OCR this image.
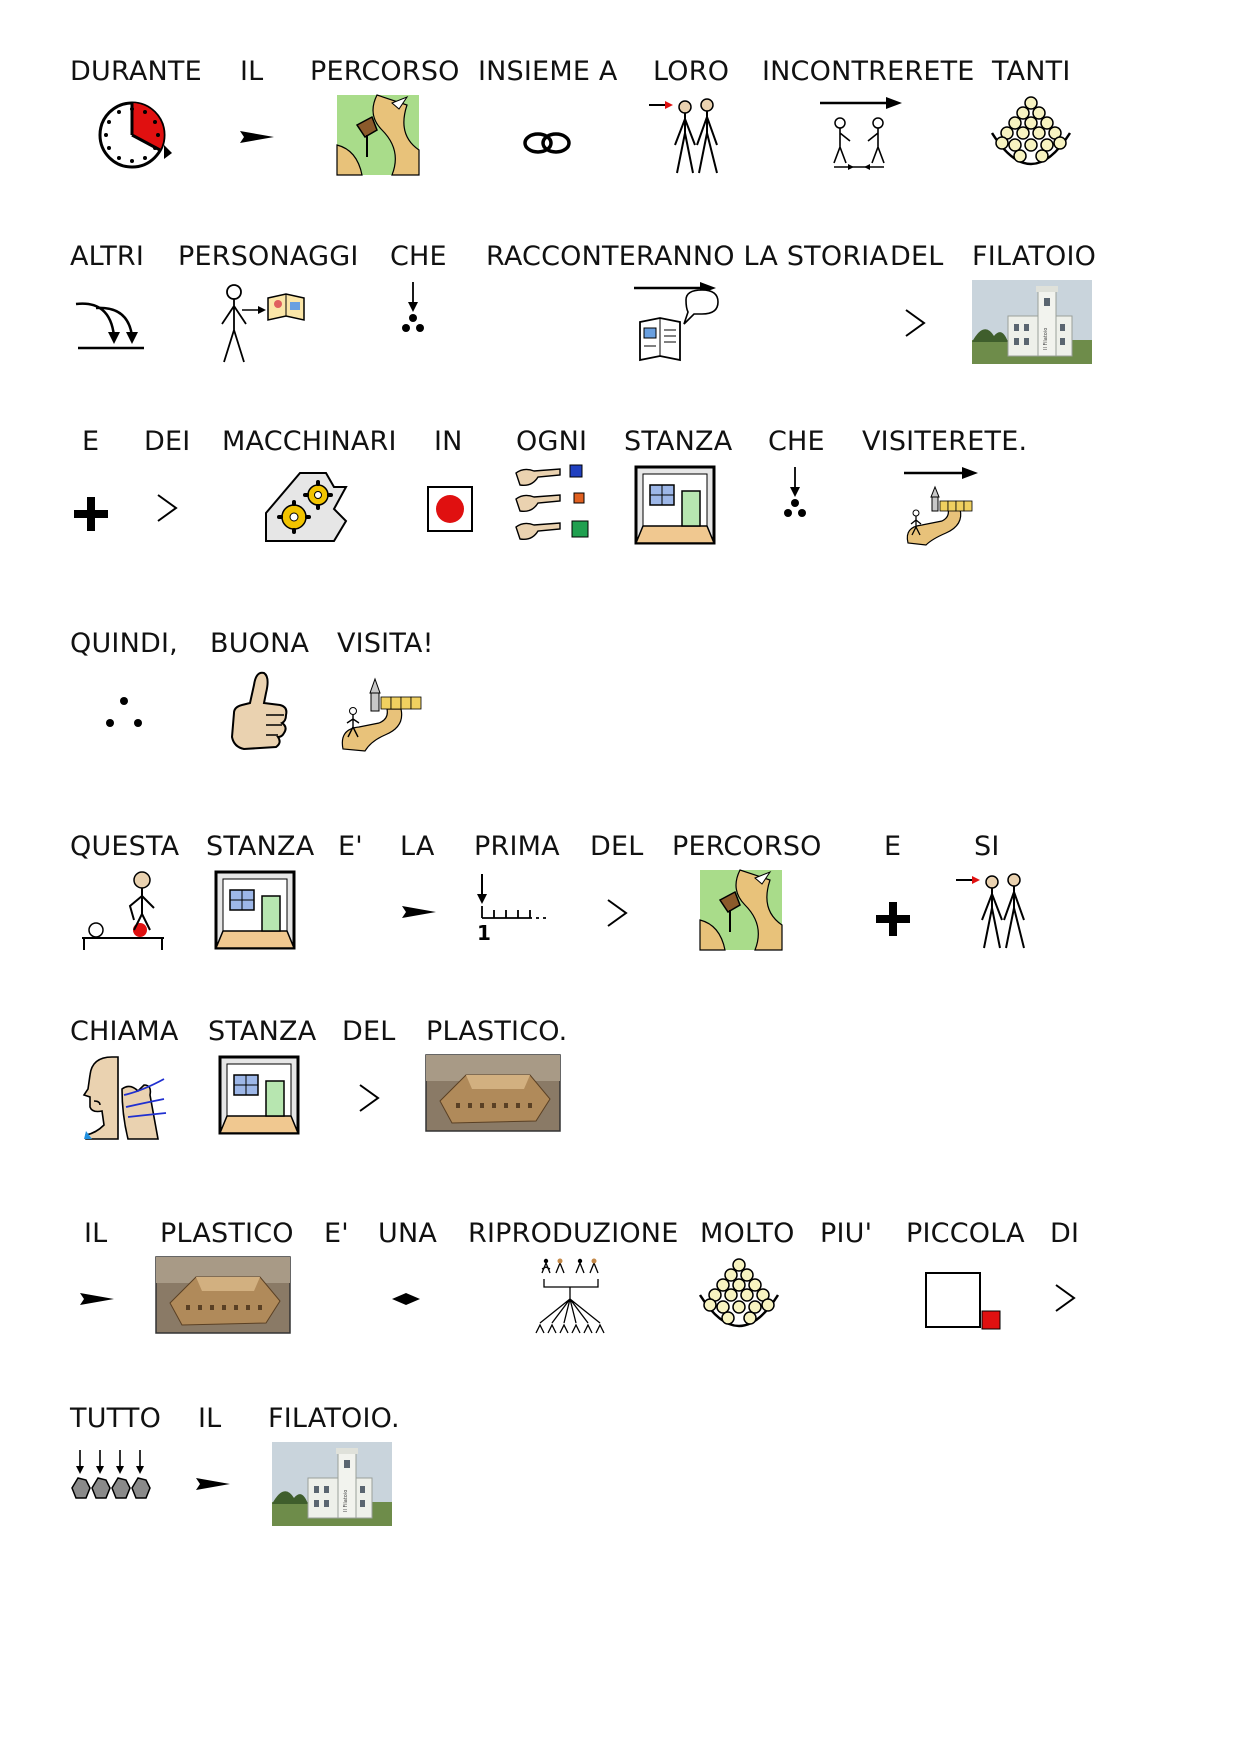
DURANTE IL PERCORSO INSIEME A LORO INCONTRERETE TANTI
ALTRI PERSONAGGI CHE RACCONTERANNO LA STORIA DEL FILATOIO
Il Filatoio
E DEI MACCHINARI IN OGNI STANZA CHE VISITERETE.
QUINDI, BUONA VISITA!
QUESTA STANZA E' LA PRIMA
1
DEL PERCORSO E	SI
CHIAMA STANZA DEL PLASTICO.
IL PLASTICO E' UNA RIPRODUZIONE MOLTO PIU' PICCOLA DI
TUTTO IL FILATOIO.
Il Filatoio
